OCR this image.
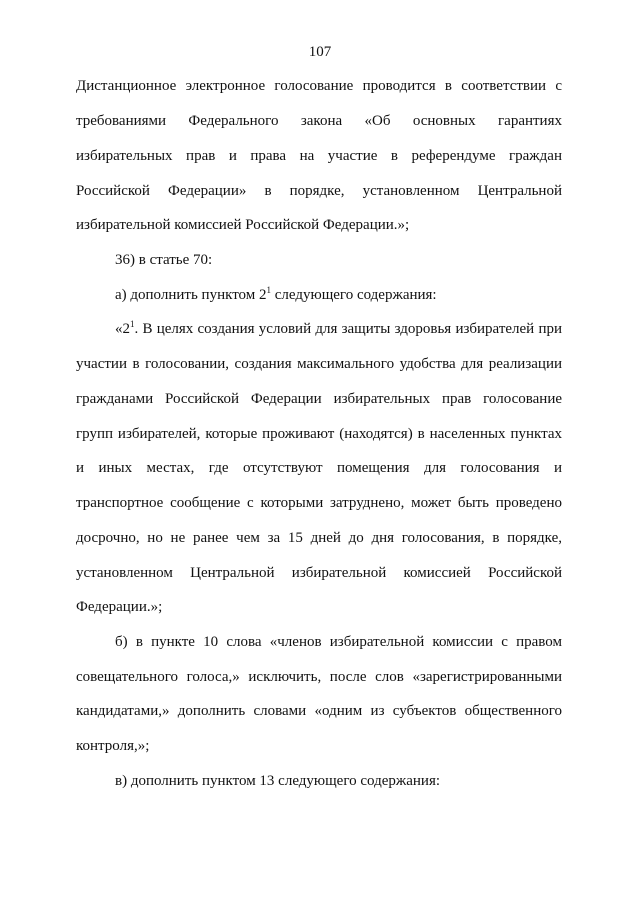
107
Дистанционное электронное голосование проводится в соответствии с
требованиями Федерального закона «Об основных гарантиях
избирательных прав и права на участие в референдуме граждан
Российской Федерации» в порядке, установленном Центральной
избирательной комиссией Российской Федерации.»;
36) в статье 70:
а) дополнить пунктом $2^1$ следующего содержания:
«$2^1$. В целях создания условий для защиты здоровья избирателей при
участии в голосовании, создания максимального удобства для реализации
гражданами Российской Федерации избирательных прав голосование
групп избирателей, которые проживают (находятся) в населенных пунктах
и иных местах, где отсутствуют помещения для голосования и
транспортное сообщение с которыми затруднено, может быть проведено
досрочно, но не ранее чем за 15 дней до дня голосования, в порядке,
установленном Центральной избирательной комиссией Российской
Федерации.»;
б) в пункте 10 слова «членов избирательной комиссии с правом
совещательного голоса,» исключить, после слов «зарегистрированными
кандидатами,» дополнить словами «одним из субъектов общественного
контроля,»;
в) дополнить пунктом 13 следующего содержания:
